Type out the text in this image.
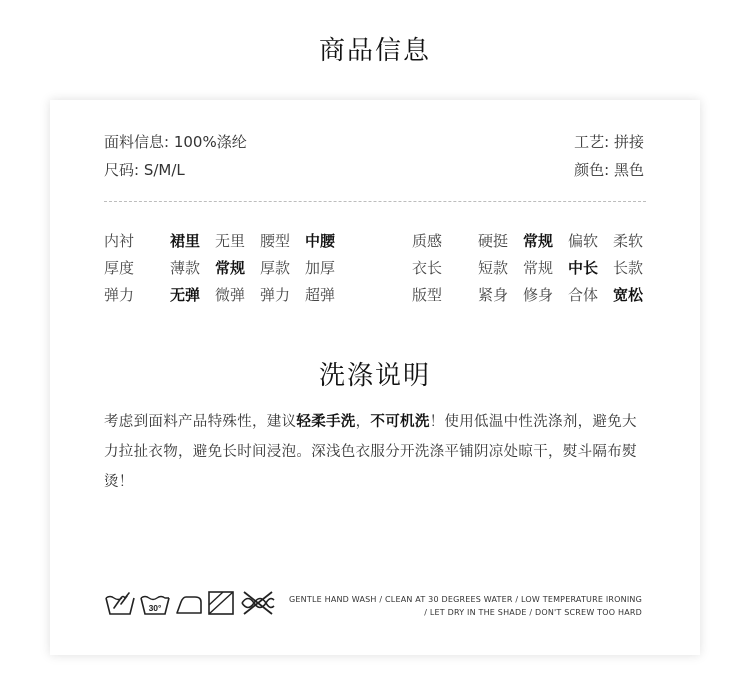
商品信息
面料信息: 100%涤纶
尺码: S/M/L
工艺: 拼接
颜色: 黑色
内衬	裙里 无里 腰型 中腰
厚度	薄款 常规 厚款 加厚
弹力	无弹 微弹 弹力 超弹
质感	硬挺 常规 偏软 柔软
衣长	短款 常规 中长 长款
版型	紧身 修身 合体 宽松
洗涤说明
考虑到面料产品特殊性，建议轻柔手洗，不可机洗！使用低温中性洗涤剂，避免大力拉扯衣物，避免长时间浸泡。深浅色衣服分开洗涤平铺阴凉处晾干，熨斗隔布熨烫！
30°
GENTLE HAND WASH / CLEAN AT 30 DEGREES WATER / LOW TEMPERATURE IRONING
/ LET DRY IN THE SHADE / DON'T SCREW TOO HARD
